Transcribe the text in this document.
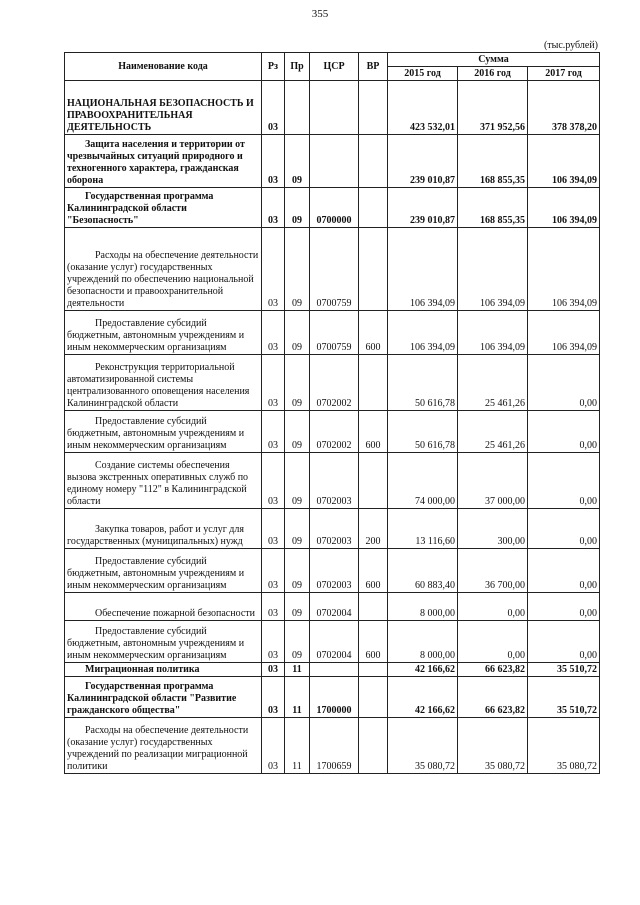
355
(тыс.рублей)
Наименование кода	Рз	Пр	ЦСР	ВР	Сумма		
					2015 год	2016 год	2017 год
НАЦИОНАЛЬНАЯ БЕЗОПАСНОСТЬ И ПРАВООХРАНИТЕЛЬНАЯ ДЕЯТЕЛЬНОСТЬ	03				423 532,01	371 952,56	378 378,20
Защита населения и территории от чрезвычайных ситуаций природного и техногенного характера, гражданская оборона	03	09			239 010,87	168 855,35	106 394,09
Государственная программа Калининградской области "Безопасность"	03	09	0700000		239 010,87	168 855,35	106 394,09
Расходы на обеспечение деятельности (оказание услуг) государственных учреждений по обеспечению национальной безопасности и правоохранительной деятельности	03	09	0700759		106 394,09	106 394,09	106 394,09
Предоставление субсидий бюджетным, автономным учреждениям и иным некоммерческим организациям	03	09	0700759	600	106 394,09	106 394,09	106 394,09
Реконструкция территориальной автоматизированной системы централизованного оповещения населения Калининградской области	03	09	0702002		50 616,78	25 461,26	0,00
Предоставление субсидий бюджетным, автономным учреждениям и иным некоммерческим организациям	03	09	0702002	600	50 616,78	25 461,26	0,00
Создание системы обеспечения вызова экстренных оперативных служб по единому номеру "112" в Калининградской области	03	09	0702003		74 000,00	37 000,00	0,00
Закупка товаров, работ и услуг для государственных (муниципальных) нужд	03	09	0702003	200	13 116,60	300,00	0,00
Предоставление субсидий бюджетным, автономным учреждениям и иным некоммерческим организациям	03	09	0702003	600	60 883,40	36 700,00	0,00
Обеспечение пожарной безопасности	03	09	0702004		8 000,00	0,00	0,00
Предоставление субсидий бюджетным, автономным учреждениям и иным некоммерческим организациям	03	09	0702004	600	8 000,00	0,00	0,00
Миграционная политика	03	11			42 166,62	66 623,82	35 510,72
Государственная программа Калининградской области "Развитие гражданского общества"	03	11	1700000		42 166,62	66 623,82	35 510,72
Расходы на обеспечение деятельности (оказание услуг) государственных учреждений по реализации миграционной политики	03	11	1700659		35 080,72	35 080,72	35 080,72
